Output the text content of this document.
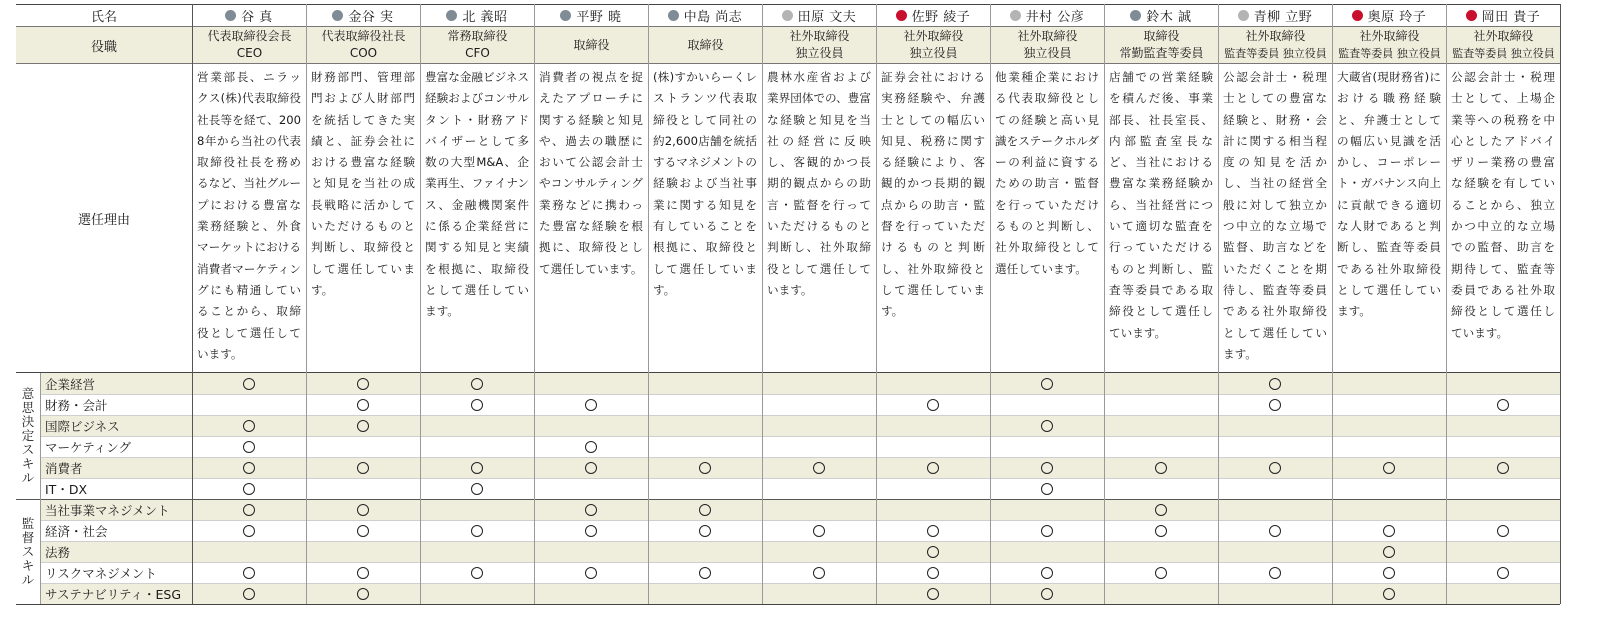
氏名
役職
選任理由
谷 真
代表取締役会長
CEO
営業部長、ニラックス(株)代表取締役社長等を経て、2008年から当社の代表取締役社長を務めるなど、当社グループにおける豊富な業務経験と、外食マーケットにおける消費者マーケティングにも精通していることから、取締役として選任しています。
金谷 実
代表取締役社長
COO
財務部門、管理部門および人財部門を統括してきた実績と、証券会社における豊富な経験と知見を当社の成長戦略に活かしていただけるものと判断し、取締役として選任しています。
北 義昭
常務取締役
CFO
豊富な金融ビジネス経験およびコンサルタント・財務アドバイザーとして多数の大型M&A、企業再生、ファイナンス、金融機関案件に係る企業経営に関する知見と実績を根拠に、取締役として選任しています。
平野 暁
取締役
消費者の視点を捉えたアプローチに関する経験と知見や、過去の職歴において公認会計士やコンサルティング業務などに携わった豊富な経験を根拠に、取締役として選任しています。
中島 尚志
取締役
(株)すかいらーくレストランツ代表取締役として同社の約2,600店舗を統括するマネジメントの経験および当社事業に関する知見を有していることを根拠に、取締役として選任しています。
田原 文夫
社外取締役
独立役員
農林水産省および業界団体での、豊富な経験と知見を当社の経営に反映し、客観的かつ長期的観点からの助言・監督を行っていただけるものと判断し、社外取締役として選任しています。
佐野 綾子
社外取締役
独立役員
証券会社における実務経験や、弁護士としての幅広い知見、税務に関する経験により、客観的かつ長期的観点からの助言・監督を行っていただけるものと判断し、社外取締役として選任しています。
井村 公彦
社外取締役
独立役員
他業種企業における代表取締役としての経験と高い見識をステークホルダーの利益に資するための助言・監督を行っていただけるものと判断し、社外取締役として選任しています。
鈴木 誠
取締役
常勤監査等委員
店舗での営業経験を積んだ後、事業部長、社長室長、内部監査室長など、当社における豊富な業務経験から、当社経営について適切な監査を行っていただけるものと判断し、監査等委員である取締役として選任しています。
青柳 立野
社外取締役
監査等委員 独立役員
公認会計士・税理士としての豊富な経験と、財務・会計に関する相当程度の知見を活かし、当社の経営全般に対して独立かつ中立的な立場で監督、助言などをいただくことを期待し、監査等委員である社外取締役として選任しています。
奥原 玲子
社外取締役
監査等委員 独立役員
大蔵省(現財務省)における職務経験と、弁護士としての幅広い見識を活かし、コーポレート・ガバナンス向上に貢献できる適切な人財であると判断し、監査等委員である社外取締役として選任しています。
岡田 貴子
社外取締役
監査等委員 独立役員
公認会計士・税理士として、上場企業等への税務を中心としたアドバイザリー業務の豊富な経験を有していることから、独立かつ中立的な立場での監督、助言を期待して、監査等委員である社外取締役として選任しています。
企業経営
財務・会計
国際ビジネス
マーケティング
消費者
IT・DX
当社事業マネジメント
経済・社会
法務
リスクマネジメント
サステナビリティ・ESG
意
思
決
定
ス
キ
ル
監
督
ス
キ
ル
